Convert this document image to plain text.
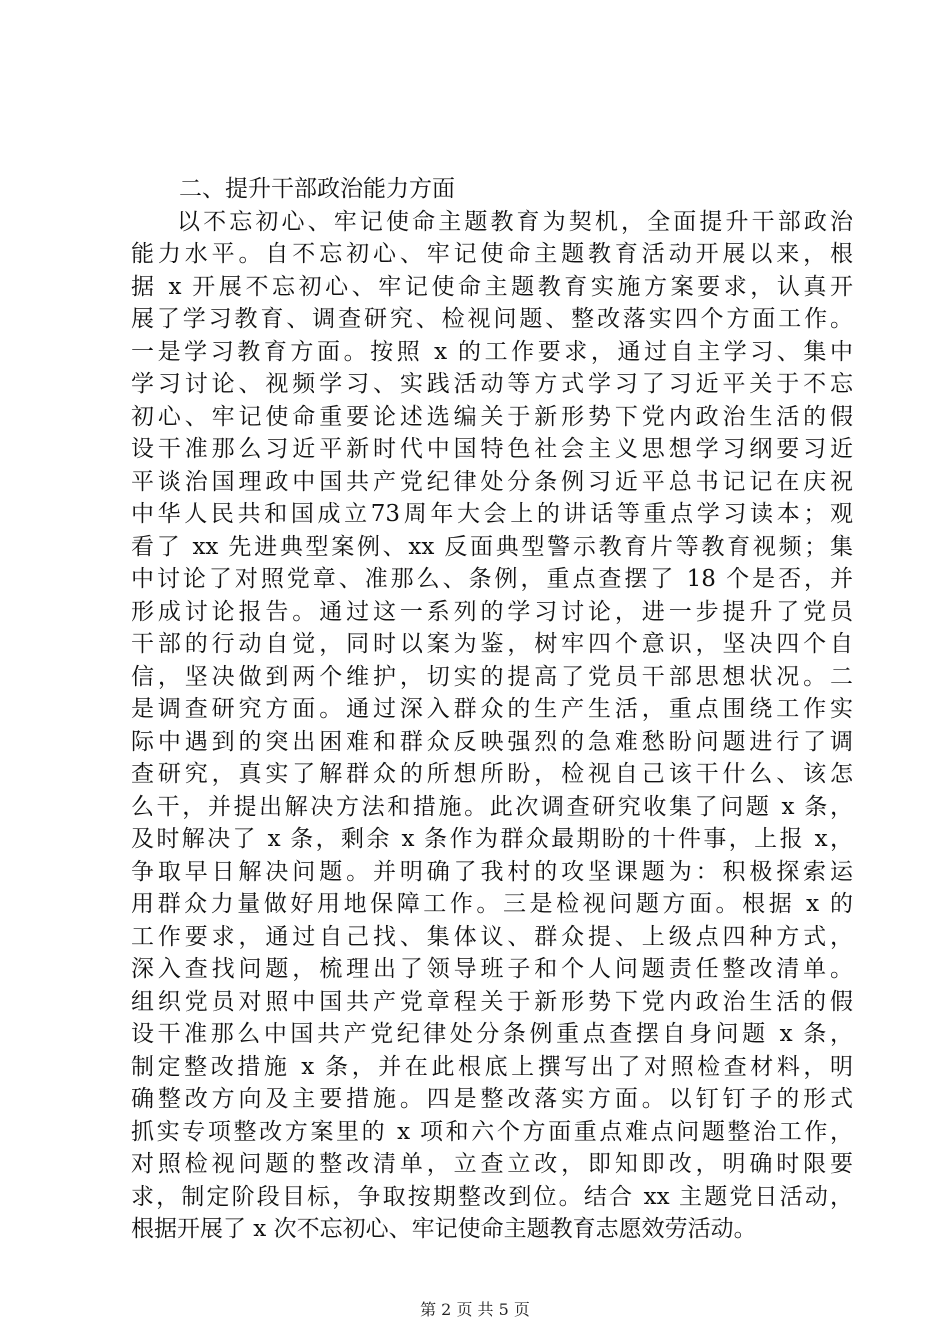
二、提升干部政治能力方面

以不忘初心、牢记使命主题教育为契机，全面提升干部政治

能力水平。自不忘初心、牢记使命主题教育活动开展以来，根

据 x 开展不忘初心、牢记使命主题教育实施方案要求，认真开

展了学习教育、调查研究、检视问题、整改落实四个方面工作。

一是学习教育方面。按照 x 的工作要求，通过自主学习、集中

学习讨论、视频学习、实践活动等方式学习了习近平关于不忘

初心、牢记使命重要论述选编关于新形势下党内政治生活的假

设干准那么习近平新时代中国特色社会主义思想学习纲要习近

平谈治国理政中国共产党纪律处分条例习近平总书记记在庆祝

中华人民共和国成立73周年大会上的讲话等重点学习读本；观

看了 xx 先进典型案例、xx 反面典型警示教育片等教育视频；集

中讨论了对照党章、准那么、条例，重点查摆了 18 个是否，并

形成讨论报告。通过这一系列的学习讨论，进一步提升了党员

干部的行动自觉，同时以案为鉴，树牢四个意识，坚决四个自

信，坚决做到两个维护，切实的提高了党员干部思想状况。二

是调查研究方面。通过深入群众的生产生活，重点围绕工作实

际中遇到的突出困难和群众反映强烈的急难愁盼问题进行了调

查研究，真实了解群众的所想所盼，检视自己该干什么、该怎

么干，并提出解决方法和措施。此次调查研究收集了问题 x 条，

及时解决了 x 条，剩余 x 条作为群众最期盼的十件事，上报 x，

争取早日解决问题。并明确了我村的攻坚课题为：积极探索运

用群众力量做好用地保障工作。三是检视问题方面。根据 x 的

工作要求，通过自己找、集体议、群众提、上级点四种方式，

深入查找问题，梳理出了领导班子和个人问题责任整改清单。

组织党员对照中国共产党章程关于新形势下党内政治生活的假

设干准那么中国共产党纪律处分条例重点查摆自身问题 x 条，

制定整改措施 x 条，并在此根底上撰写出了对照检查材料，明

确整改方向及主要措施。四是整改落实方面。以钉钉子的形式

抓实专项整改方案里的 x 项和六个方面重点难点问题整治工作，

对照检视问题的整改清单，立查立改，即知即改，明确时限要

求，制定阶段目标，争取按期整改到位。结合 xx 主题党日活动，

根据开展了 x 次不忘初心、牢记使命主题教育志愿效劳活动。

第 2 页 共 5 页
